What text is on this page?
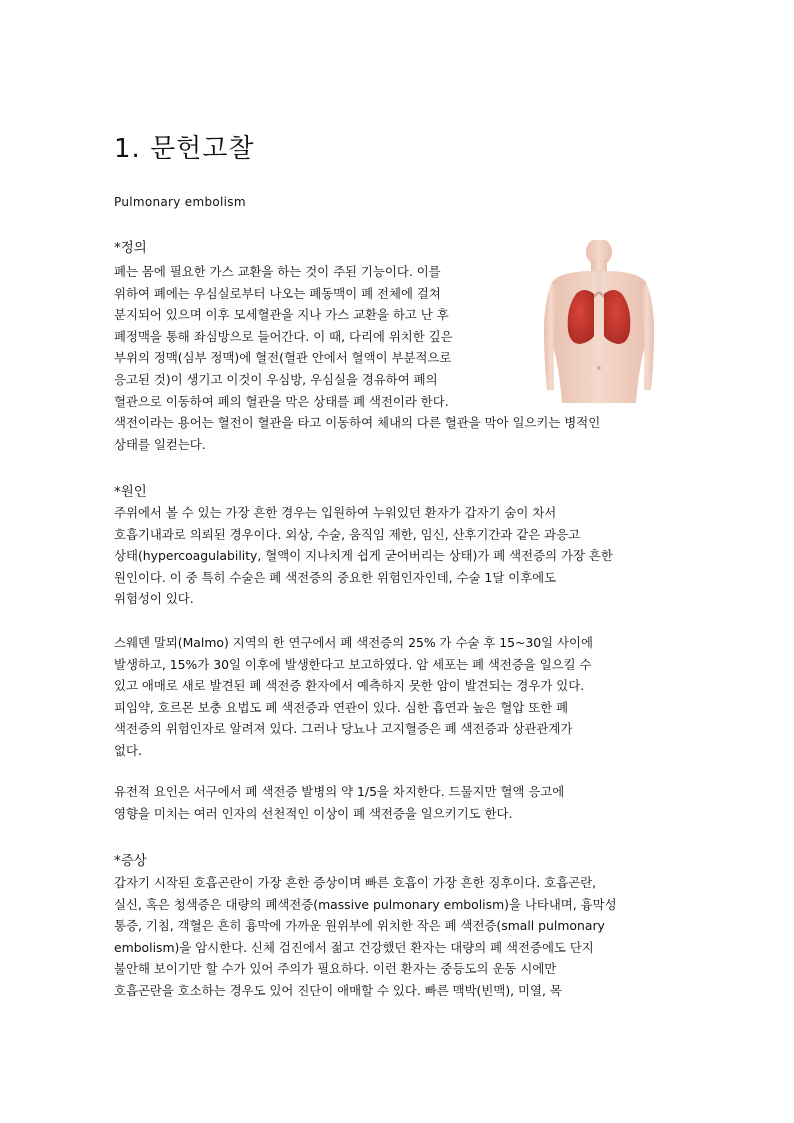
1. 문헌고찰
Pulmonary embolism
*정의
폐는 몸에 필요한 가스 교환을 하는 것이 주된 기능이다. 이를
위하여 폐에는 우심실로부터 나오는 폐동맥이 폐 전체에 걸쳐
분지되어 있으며 이후 모세혈관을 지나 가스 교환을 하고 난 후
폐정맥을 통해 좌심방으로 들어간다. 이 때, 다리에 위치한 깊은
부위의 정맥(심부 정맥)에 혈전(혈관 안에서 혈액이 부분적으로
응고된 것)이 생기고 이것이 우심방, 우심실을 경유하여 폐의
혈관으로 이동하여 폐의 혈관을 막은 상태를 폐 색전이라 한다.
색전이라는 용어는 혈전이 혈관을 타고 이동하여 체내의 다른 혈관을 막아 일으키는 병적인
상태를 일컫는다.
*원인
주위에서 볼 수 있는 가장 흔한 경우는 입원하여 누워있던 환자가 갑자기 숨이 차서
호흡기내과로 의뢰된 경우이다. 외상, 수술, 움직임 제한, 임신, 산후기간과 같은 과응고
상태(hypercoagulability, 혈액이 지나치게 쉽게 굳어버리는 상태)가 폐 색전증의 가장 흔한
원인이다. 이 중 특히 수술은 폐 색전증의 중요한 위험인자인데, 수술 1달 이후에도
위험성이 있다.
스웨덴 말뫼(Malmo) 지역의 한 연구에서 폐 색전증의 25% 가 수술 후 15~30일 사이에
발생하고, 15%가 30일 이후에 발생한다고 보고하였다. 암 세포는 폐 색전증을 일으킬 수
있고 애매로 새로 발견된 폐 색전증 환자에서 예측하지 못한 암이 발견되는 경우가 있다.
피임약, 호르몬 보충 요법도 폐 색전증과 연관이 있다. 심한 흡연과 높은 혈압 또한 폐
색전증의 위험인자로 알려져 있다. 그러나 당뇨나 고지혈증은 폐 색전증과 상관관계가
없다.
유전적 요인은 서구에서 폐 색전증 발병의 약 1/5을 차지한다. 드물지만 혈액 응고에
영향을 미치는 여러 인자의 선천적인 이상이 폐 색전증을 일으키기도 한다.
*증상
갑자기 시작된 호흡곤란이 가장 흔한 증상이며 빠른 호흡이 가장 흔한 징후이다. 호흡곤란,
실신, 혹은 청색증은 대량의 폐색전증(massive pulmonary embolism)을 나타내며, 흉막성
통증, 기침, 객혈은 흔히 흉막에 가까운 원위부에 위치한 작은 폐 색전증(small pulmonary
embolism)을 암시한다. 신체 검진에서 젊고 건강했던 환자는 대량의 폐 색전증에도 단지
불안해 보이기만 할 수가 있어 주의가 필요하다. 이런 환자는 중등도의 운동 시에만
호흡곤란을 호소하는 경우도 있어 진단이 애매할 수 있다. 빠른 맥박(빈맥), 미열, 목
